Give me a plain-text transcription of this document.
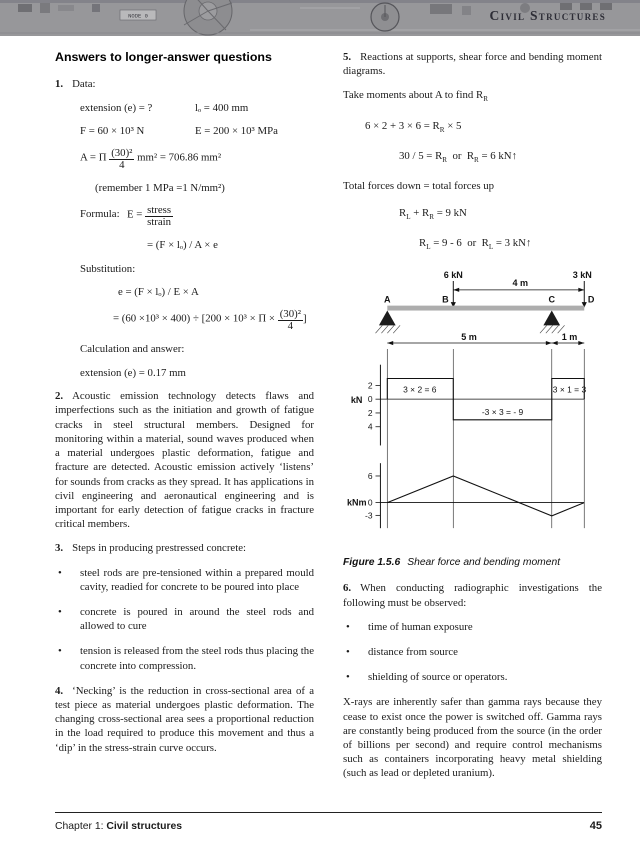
NODE 0	Civil Structures
Answers to longer-answer questions

1. Data:

extension (e) = ?	lₒ = 400 mm
F = 60 × 10³ N	E = 200 × 10³ MPa
A = Π $\frac{\text{(30)²}}{4} mm^2 = 706.86$ mm²
(remember 1 MPa =1 N/mm²)
Formula: $E = \frac{\text{stress}}{\text{strain}}$
= (F × lₒ) / A × e
Substitution:
e = (F × lₒ) / E × A
= $(60 \times 10^3 \times 400) \div [200 \times 10^3 \times \Pi \times \frac{\text{(30)²}}{4}$ ]
Calculation and answer:
extension (e) = 0.17 mm

2. Acoustic emission technology detects flaws and imperfections such as the initiation and growth of fatigue cracks in steel structural members. Designed for monitoring within a material, sound waves produced when a material undergoes plastic deformation, fatigue and fracture are detected. Acoustic emission actively ‘listens’ for sounds from cracks as they spread. It has applications in civil engineering and aeronautical engineering and is important for early detection of fatigue cracks in fracture critical members.

3. Steps in producing prestressed concrete:

• steel rods are pre-tensioned within a prepared mould cavity, readied for concrete to be poured into place
• concrete is poured in around the steel rods and allowed to cure
• tension is released from the steel rods thus placing the concrete into compression.

4. ‘Necking’ is the reduction in cross-sectional area of a test piece as material undergoes plastic deformation. The changing cross-sectional area sees a proportional reduction in the load required to produce this movement and thus a ‘dip’ in the stress-strain curve occurs.

5. Reactions at supports, shear force and bending moment diagrams.

Take moments about A to find $R_R$

$6 \times 2 + 3 \times 6 = R_R \times 5$

$30 / 5 = R_R$  or  $R_R = 6$ kN↑

Total forces down = total forces up

$R_L + R_R = 9$ kN

$R_L = 9 - 6$  or  $R_L = 3$ kN↑

6 kN	3 kN
4 m
A	B	C	D
5 m	1 m
kN
2
0
2
4
3 × 2 = 6
-3 × 3 = - 9
3 × 1 = 3
kNm
6
0
-3
Figure 1.5.6 Shear force and bending moment

6. When conducting radiographic investigations the following must be observed:

• time of human exposure
• distance from source
• shielding of source or operators.

X-rays are inherently safer than gamma rays because they cease to exist once the power is switched off. Gamma rays are constantly being produced from the source (in the order of billions per second) and require control mechanisms such as containers incorporating heavy metal shielding (such as lead or depleted uranium).

Chapter 1: Civil structures	45
